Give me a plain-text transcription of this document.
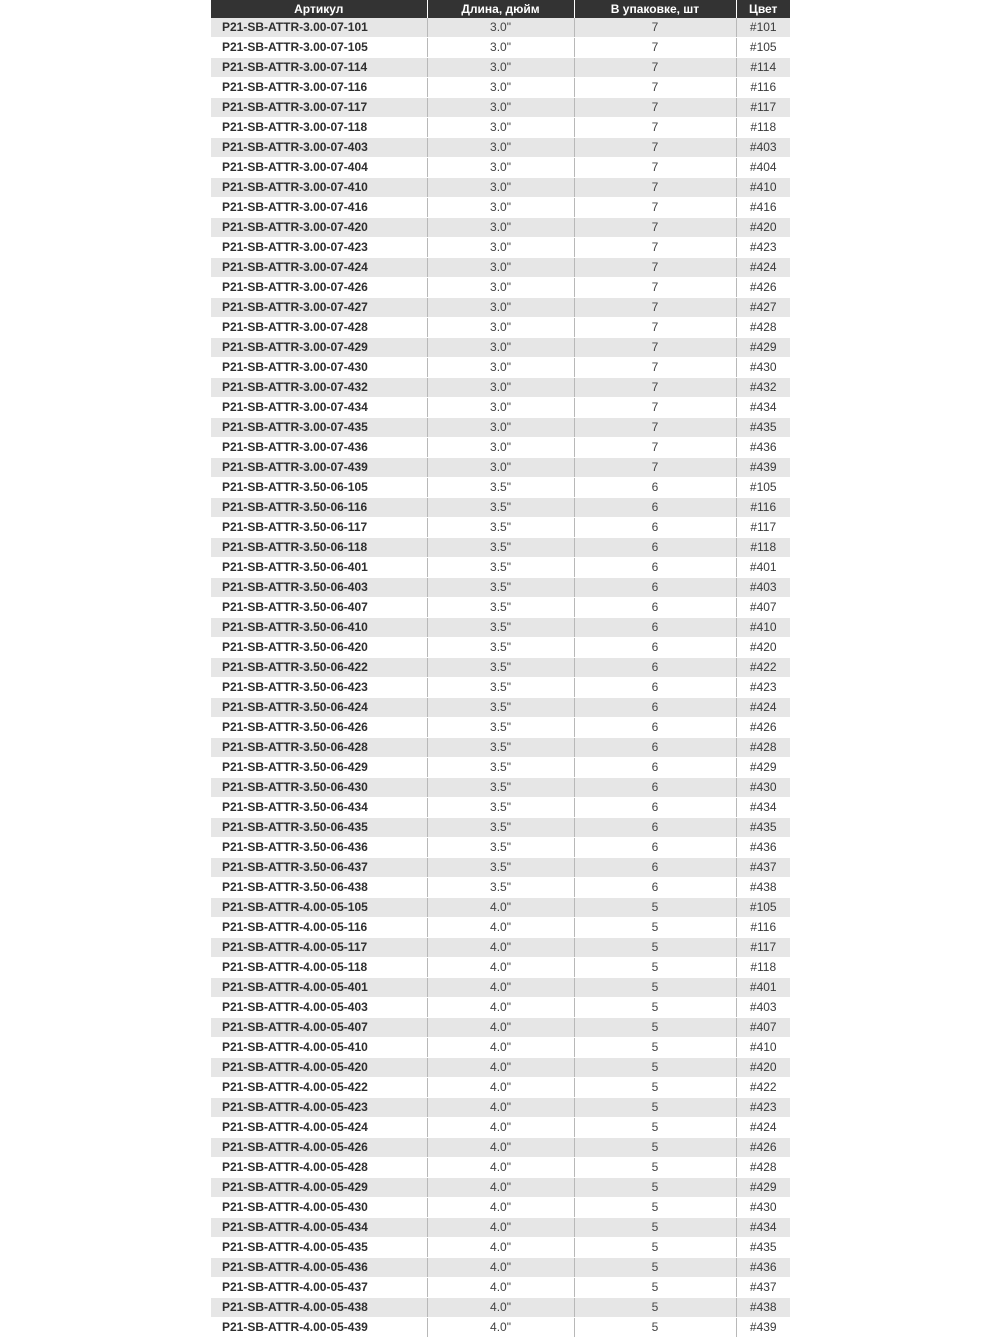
Артикул	Длина, дюйм	В упаковке, шт	Цвет
P21-SB-ATTR-3.00-07-101	3.0"	7	#101
P21-SB-ATTR-3.00-07-105	3.0"	7	#105
P21-SB-ATTR-3.00-07-114	3.0"	7	#114
P21-SB-ATTR-3.00-07-116	3.0"	7	#116
P21-SB-ATTR-3.00-07-117	3.0"	7	#117
P21-SB-ATTR-3.00-07-118	3.0"	7	#118
P21-SB-ATTR-3.00-07-403	3.0"	7	#403
P21-SB-ATTR-3.00-07-404	3.0"	7	#404
P21-SB-ATTR-3.00-07-410	3.0"	7	#410
P21-SB-ATTR-3.00-07-416	3.0"	7	#416
P21-SB-ATTR-3.00-07-420	3.0"	7	#420
P21-SB-ATTR-3.00-07-423	3.0"	7	#423
P21-SB-ATTR-3.00-07-424	3.0"	7	#424
P21-SB-ATTR-3.00-07-426	3.0"	7	#426
P21-SB-ATTR-3.00-07-427	3.0"	7	#427
P21-SB-ATTR-3.00-07-428	3.0"	7	#428
P21-SB-ATTR-3.00-07-429	3.0"	7	#429
P21-SB-ATTR-3.00-07-430	3.0"	7	#430
P21-SB-ATTR-3.00-07-432	3.0"	7	#432
P21-SB-ATTR-3.00-07-434	3.0"	7	#434
P21-SB-ATTR-3.00-07-435	3.0"	7	#435
P21-SB-ATTR-3.00-07-436	3.0"	7	#436
P21-SB-ATTR-3.00-07-439	3.0"	7	#439
P21-SB-ATTR-3.50-06-105	3.5"	6	#105
P21-SB-ATTR-3.50-06-116	3.5"	6	#116
P21-SB-ATTR-3.50-06-117	3.5"	6	#117
P21-SB-ATTR-3.50-06-118	3.5"	6	#118
P21-SB-ATTR-3.50-06-401	3.5"	6	#401
P21-SB-ATTR-3.50-06-403	3.5"	6	#403
P21-SB-ATTR-3.50-06-407	3.5"	6	#407
P21-SB-ATTR-3.50-06-410	3.5"	6	#410
P21-SB-ATTR-3.50-06-420	3.5"	6	#420
P21-SB-ATTR-3.50-06-422	3.5"	6	#422
P21-SB-ATTR-3.50-06-423	3.5"	6	#423
P21-SB-ATTR-3.50-06-424	3.5"	6	#424
P21-SB-ATTR-3.50-06-426	3.5"	6	#426
P21-SB-ATTR-3.50-06-428	3.5"	6	#428
P21-SB-ATTR-3.50-06-429	3.5"	6	#429
P21-SB-ATTR-3.50-06-430	3.5"	6	#430
P21-SB-ATTR-3.50-06-434	3.5"	6	#434
P21-SB-ATTR-3.50-06-435	3.5"	6	#435
P21-SB-ATTR-3.50-06-436	3.5"	6	#436
P21-SB-ATTR-3.50-06-437	3.5"	6	#437
P21-SB-ATTR-3.50-06-438	3.5"	6	#438
P21-SB-ATTR-4.00-05-105	4.0"	5	#105
P21-SB-ATTR-4.00-05-116	4.0"	5	#116
P21-SB-ATTR-4.00-05-117	4.0"	5	#117
P21-SB-ATTR-4.00-05-118	4.0"	5	#118
P21-SB-ATTR-4.00-05-401	4.0"	5	#401
P21-SB-ATTR-4.00-05-403	4.0"	5	#403
P21-SB-ATTR-4.00-05-407	4.0"	5	#407
P21-SB-ATTR-4.00-05-410	4.0"	5	#410
P21-SB-ATTR-4.00-05-420	4.0"	5	#420
P21-SB-ATTR-4.00-05-422	4.0"	5	#422
P21-SB-ATTR-4.00-05-423	4.0"	5	#423
P21-SB-ATTR-4.00-05-424	4.0"	5	#424
P21-SB-ATTR-4.00-05-426	4.0"	5	#426
P21-SB-ATTR-4.00-05-428	4.0"	5	#428
P21-SB-ATTR-4.00-05-429	4.0"	5	#429
P21-SB-ATTR-4.00-05-430	4.0"	5	#430
P21-SB-ATTR-4.00-05-434	4.0"	5	#434
P21-SB-ATTR-4.00-05-435	4.0"	5	#435
P21-SB-ATTR-4.00-05-436	4.0"	5	#436
P21-SB-ATTR-4.00-05-437	4.0"	5	#437
P21-SB-ATTR-4.00-05-438	4.0"	5	#438
P21-SB-ATTR-4.00-05-439	4.0"	5	#439
